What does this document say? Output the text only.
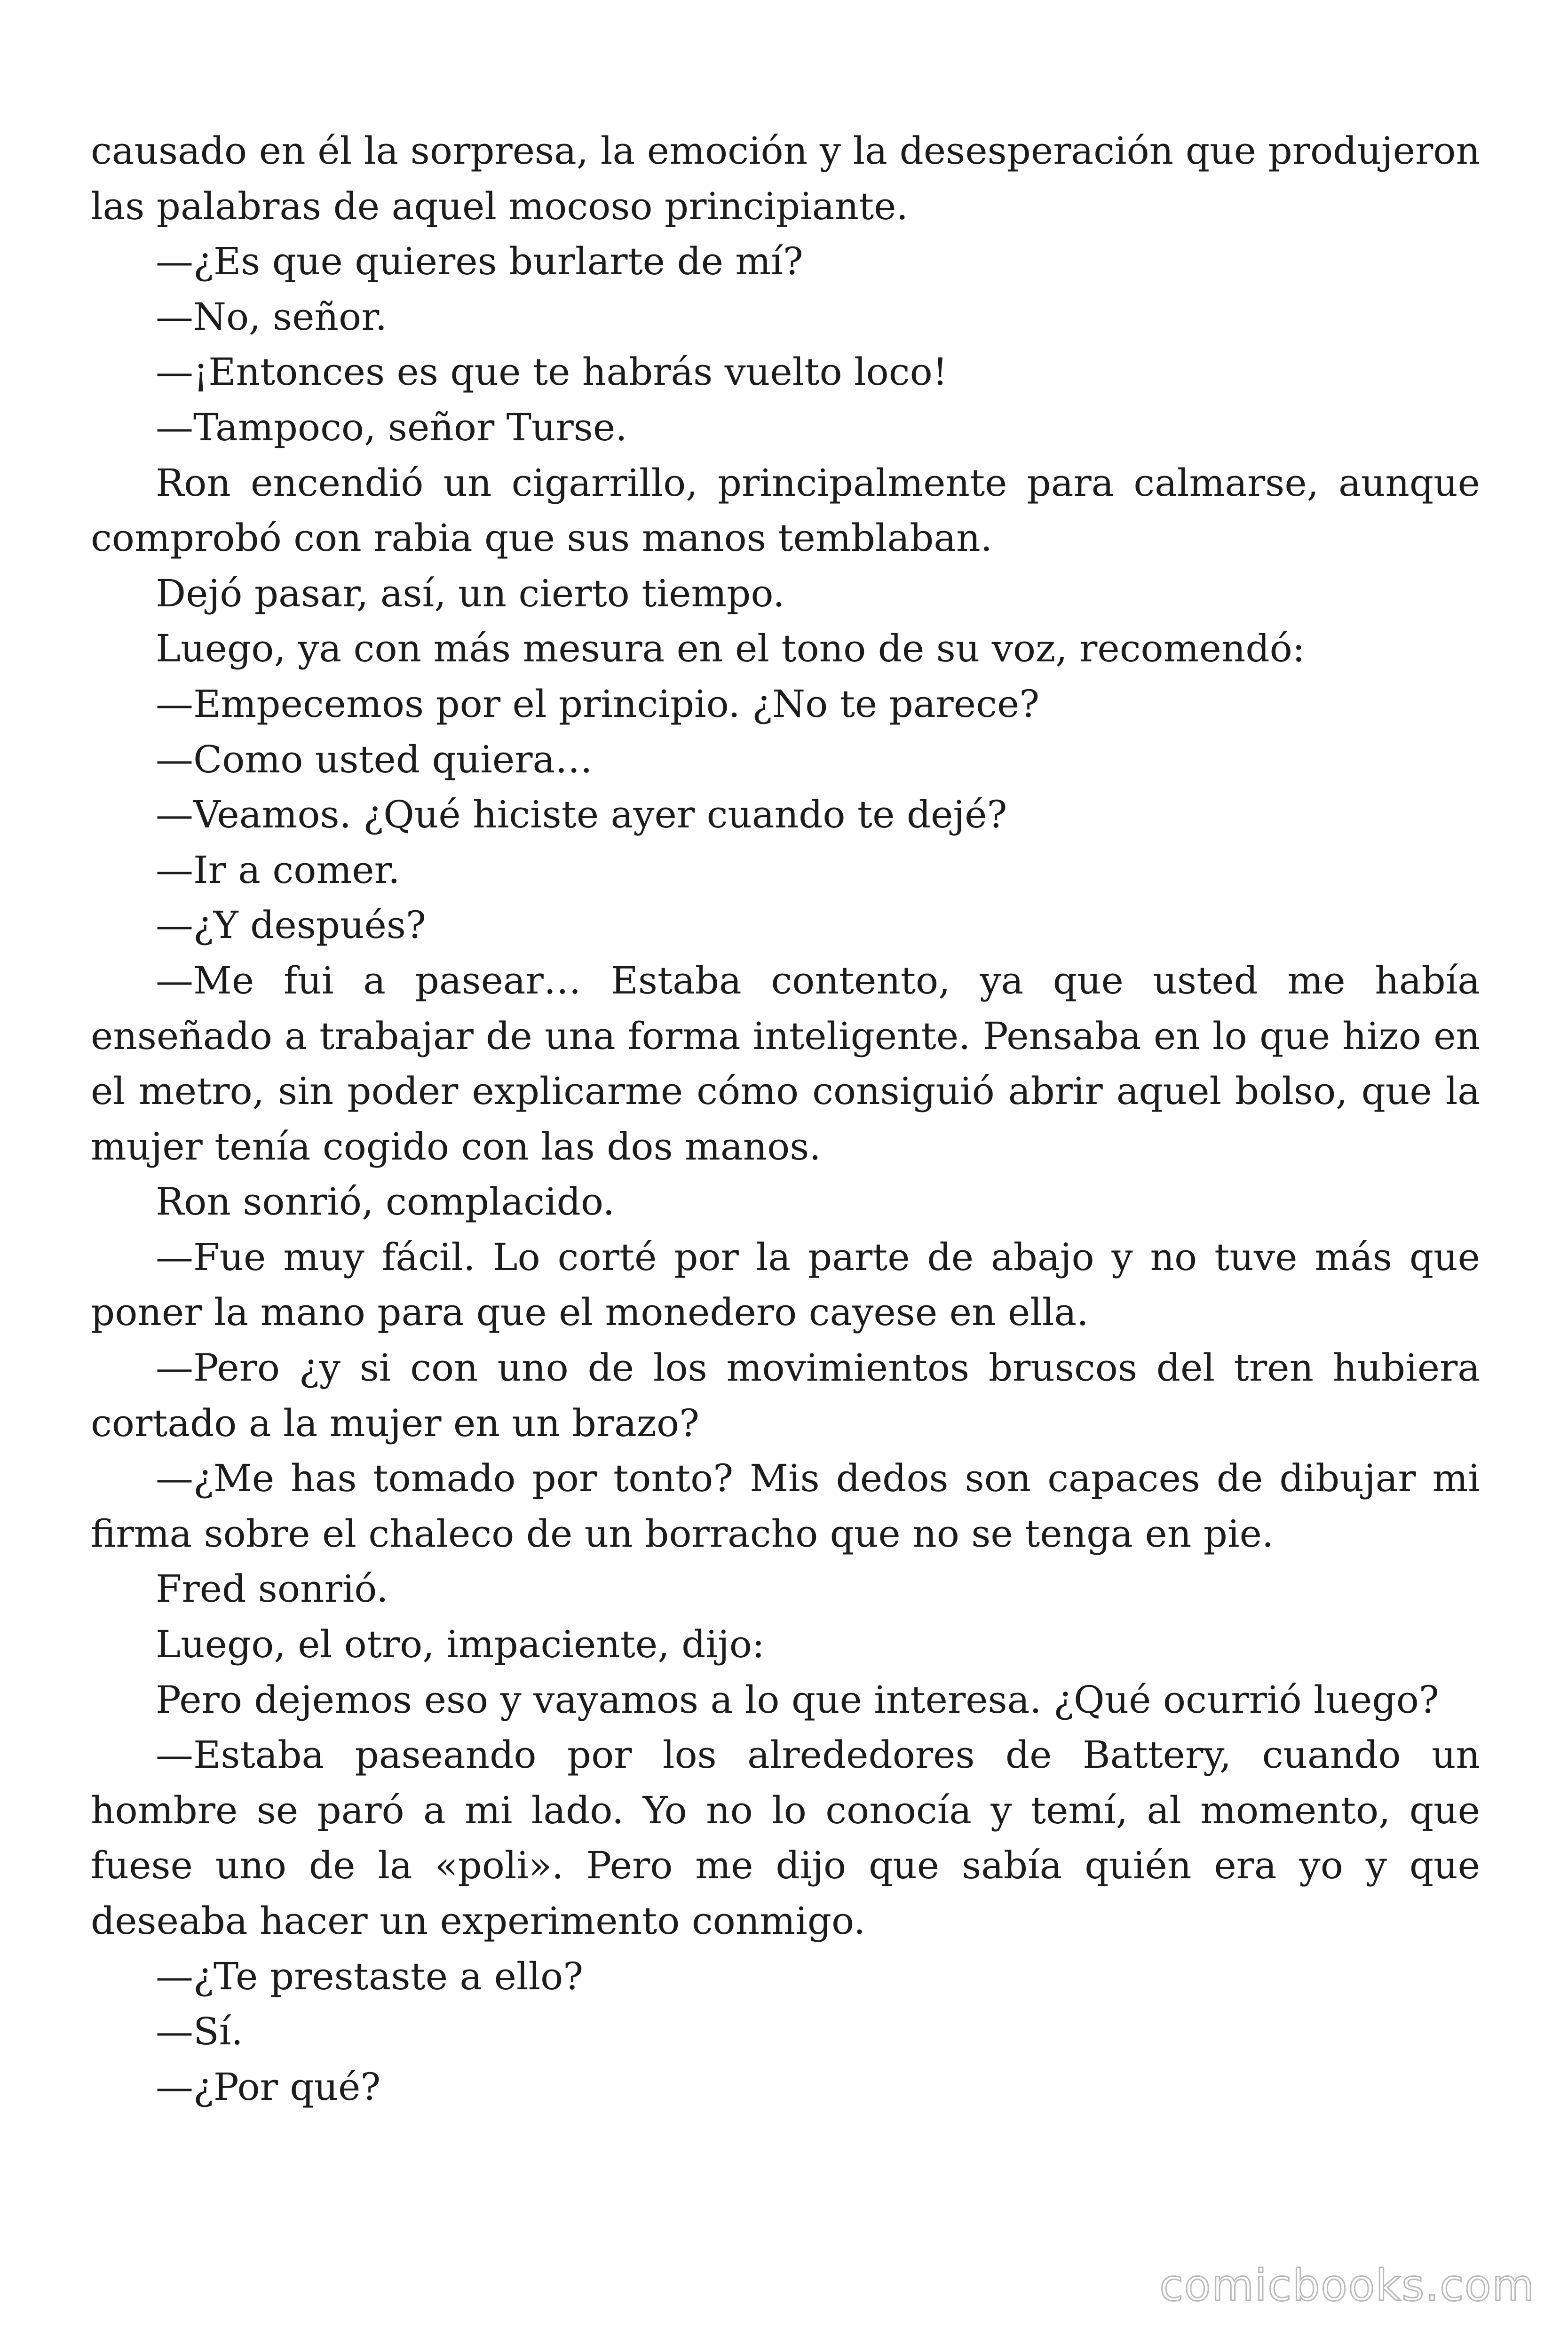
causado en él la sorpresa, la emoción y la desesperación que produjeron las palabras de aquel mocoso principiante.

—¿Es que quieres burlarte de mí?

—No, señor.

—¡Entonces es que te habrás vuelto loco!

—Tampoco, señor Turse.

Ron encendió un cigarrillo, principalmente para calmarse, aunque comprobó con rabia que sus manos temblaban.

Dejó pasar, así, un cierto tiempo.

Luego, ya con más mesura en el tono de su voz, recomendó:

—Empecemos por el principio. ¿No te parece?

—Como usted quiera…

—Veamos. ¿Qué hiciste ayer cuando te dejé?

—Ir a comer.

—¿Y después?

—Me fui a pasear… Estaba contento, ya que usted me había enseñado a trabajar de una forma inteligente. Pensaba en lo que hizo en el metro, sin poder explicarme cómo consiguió abrir aquel bolso, que la mujer tenía cogido con las dos manos.

Ron sonrió, complacido.

—Fue muy fácil. Lo corté por la parte de abajo y no tuve más que poner la mano para que el monedero cayese en ella.

—Pero ¿y si con uno de los movimientos bruscos del tren hubiera cortado a la mujer en un brazo?

—¿Me has tomado por tonto? Mis dedos son capaces de dibujar mi firma sobre el chaleco de un borracho que no se tenga en pie.

Fred sonrió.

Luego, el otro, impaciente, dijo:

Pero dejemos eso y vayamos a lo que interesa. ¿Qué ocurrió luego?

—Estaba paseando por los alrededores de Battery, cuando un hombre se paró a mi lado. Yo no lo conocía y temí, al momento, que fuese uno de la «poli». Pero me dijo que sabía quién era yo y que deseaba hacer un experimento conmigo.

—¿Te prestaste a ello?

—Sí.

—¿Por qué?

comicbooks.com
